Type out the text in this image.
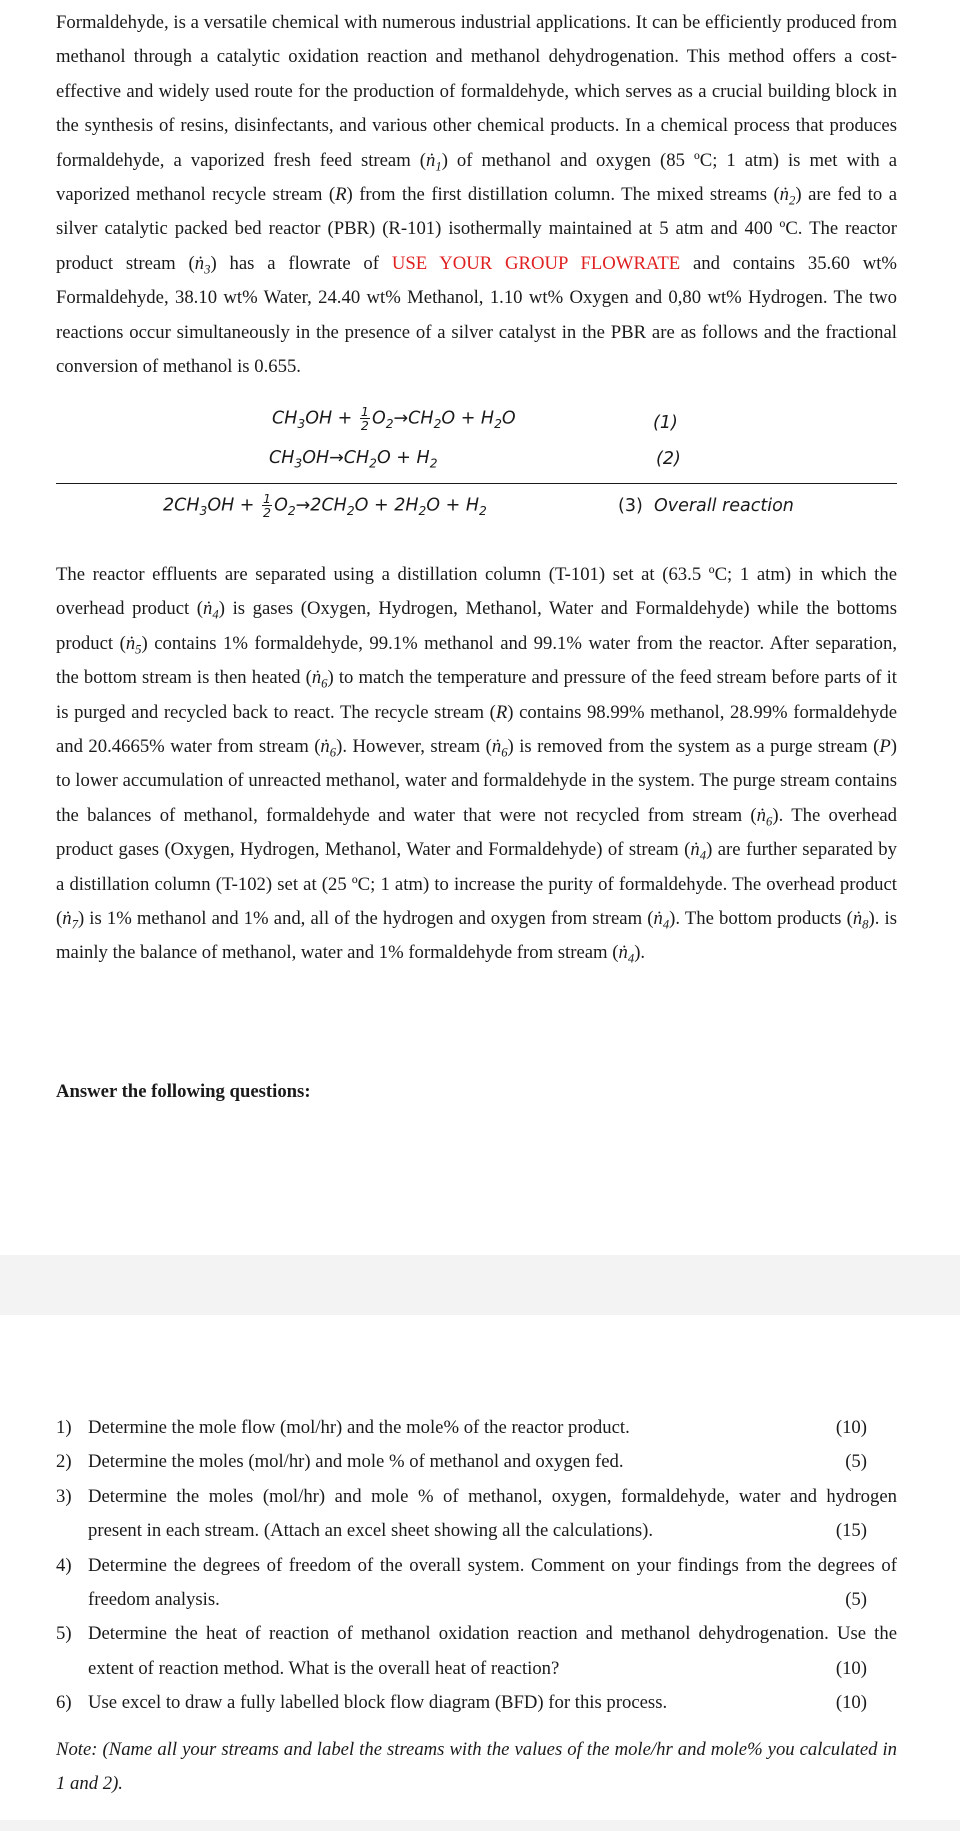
Formaldehyde, is a versatile chemical with numerous industrial applications. It can be efficiently produced from methanol through a catalytic oxidation reaction and methanol dehydrogenation. This method offers a cost-effective and widely used route for the production of formaldehyde, which serves as a crucial building block in the synthesis of resins, disinfectants, and various other chemical products. In a chemical process that produces formaldehyde, a vaporized fresh feed stream (ṅ$_1$) of methanol and oxygen (85 ºC; 1 atm) is met with a vaporized methanol recycle stream (R) from the first distillation column. The mixed streams (ṅ$_2$) are fed to a silver catalytic packed bed reactor (PBR) (R-101) isothermally maintained at 5 atm and 400 ºC. The reactor product stream (ṅ$_3$) has a flowrate of USE YOUR GROUP FLOWRATE and contains 35.60 wt% Formaldehyde, 38.10 wt% Water, 24.40 wt% Methanol, 1.10 wt% Oxygen and 0,80 wt% Hydrogen. The two reactions occur simultaneously in the presence of a silver catalyst in the PBR are as follows and the fractional conversion of methanol is 0.655.

$CH_3OH + \frac{1}{2} O_2\to CH_2O + H_2O$	(1)
$CH_3OH\to CH_2O + H_2$	(2)
$2CH_3OH + \frac{1}{2} O_2\to 2CH_2O + 2H_2O + H_2$	(3) Overall reaction

The reactor effluents are separated using a distillation column (T-101) set at (63.5 ºC; 1 atm) in which the overhead product (ṅ$_4$) is gases (Oxygen, Hydrogen, Methanol, Water and Formaldehyde) while the bottoms product (ṅ$_5$) contains 1% formaldehyde, 99.1% methanol and 99.1% water from the reactor. After separation, the bottom stream is then heated (ṅ$_6$) to match the temperature and pressure of the feed stream before parts of it is purged and recycled back to react. The recycle stream (R) contains 98.99% methanol, 28.99% formaldehyde and 20.4665% water from stream (ṅ$_6$). However, stream (ṅ$_6$) is removed from the system as a purge stream (P) to lower accumulation of unreacted methanol, water and formaldehyde in the system. The purge stream contains the balances of methanol, formaldehyde and water that were not recycled from stream (ṅ$_6$). The overhead product gases (Oxygen, Hydrogen, Methanol, Water and Formaldehyde) of stream (ṅ$_4$) are further separated by a distillation column (T-102) set at (25 ºC; 1 atm) to increase the purity of formaldehyde. The overhead product (ṅ$_7$) is 1% methanol and 1% and, all of the hydrogen and oxygen from stream (ṅ$_4$). The bottom products (ṅ$_8$). is mainly the balance of methanol, water and 1% formaldehyde from stream (ṅ$_4$).

Answer the following questions:
1) Determine the mole flow (mol/hr) and the mole% of the reactor product.	(10)
2) Determine the moles (mol/hr) and mole % of methanol and oxygen fed.	(5)
3) Determine the moles (mol/hr) and mole % of methanol, oxygen, formaldehyde, water and hydrogen
present in each stream. (Attach an excel sheet showing all the calculations).	(15)
4) Determine the degrees of freedom of the overall system. Comment on your findings from the degrees of
freedom analysis.	(5)
5) Determine the heat of reaction of methanol oxidation reaction and methanol dehydrogenation. Use the
extent of reaction method. What is the overall heat of reaction?	(10)
6) Use excel to draw a fully labelled block flow diagram (BFD) for this process.	(10)
Note: (Name all your streams and label the streams with the values of the mole/hr and mole% you calculated in 1 and 2).
